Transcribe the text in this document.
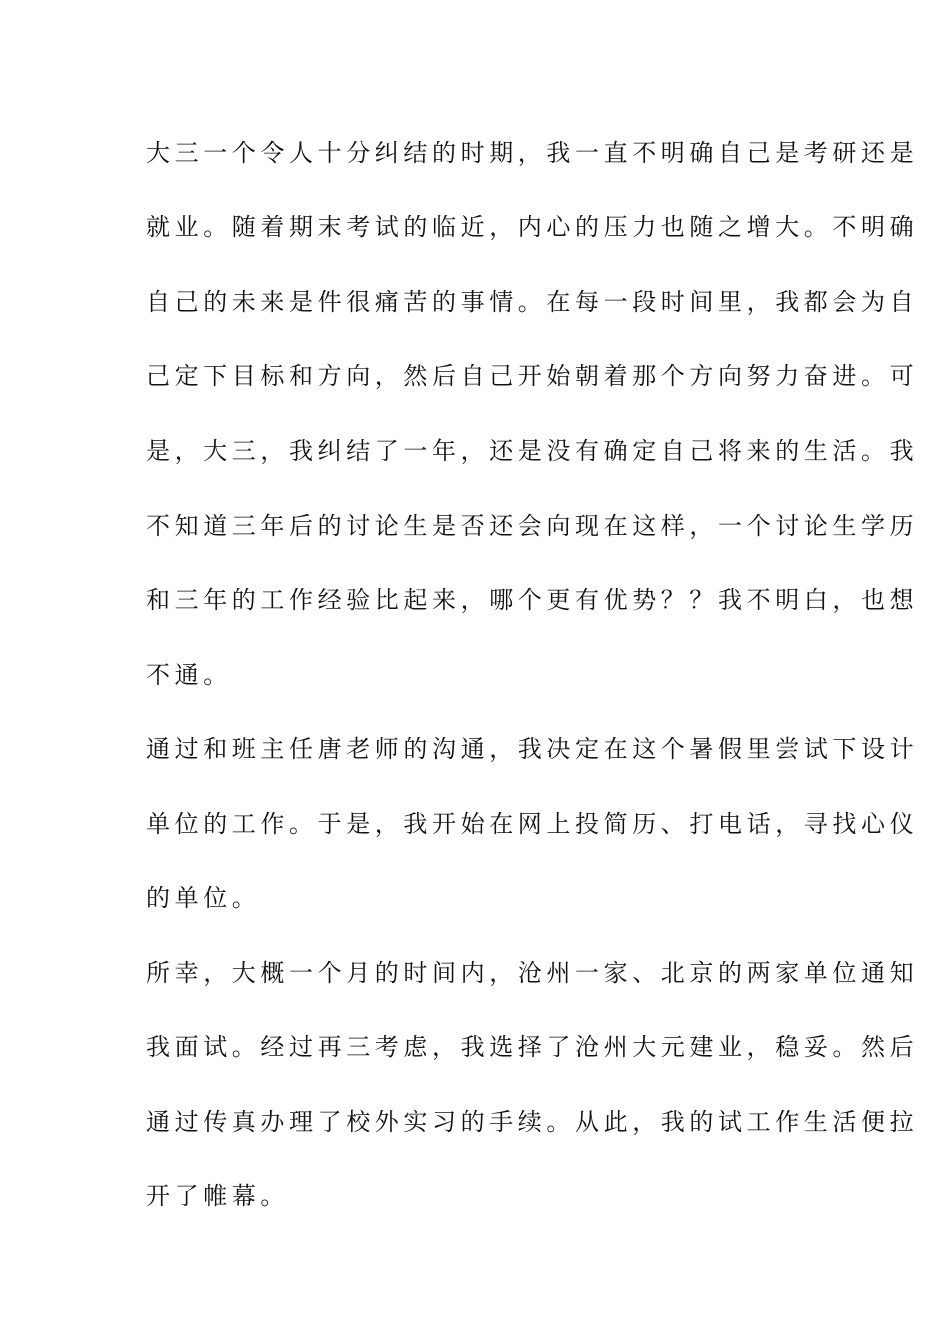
大三一个令人十分纠结的时期，我一直不明确自己是考研还是
就业。随着期末考试的临近，内心的压力也随之增大。不明确
自己的未来是件很痛苦的事情。在每一段时间里，我都会为自
己定下目标和方向，然后自己开始朝着那个方向努力奋进。可
是，大三，我纠结了一年，还是没有确定自己将来的生活。我
不知道三年后的讨论生是否还会向现在这样，一个讨论生学历
和三年的工作经验比起来，哪个更有优势？？我不明白，也想
不通。
通过和班主任唐老师的沟通，我决定在这个暑假里尝试下设计
单位的工作。于是，我开始在网上投简历、打电话，寻找心仪
的单位。
所幸，大概一个月的时间内，沧州一家、北京的两家单位通知
我面试。经过再三考虑，我选择了沧州大元建业，稳妥。然后
通过传真办理了校外实习的手续。从此，我的试工作生活便拉
开了帷幕。
